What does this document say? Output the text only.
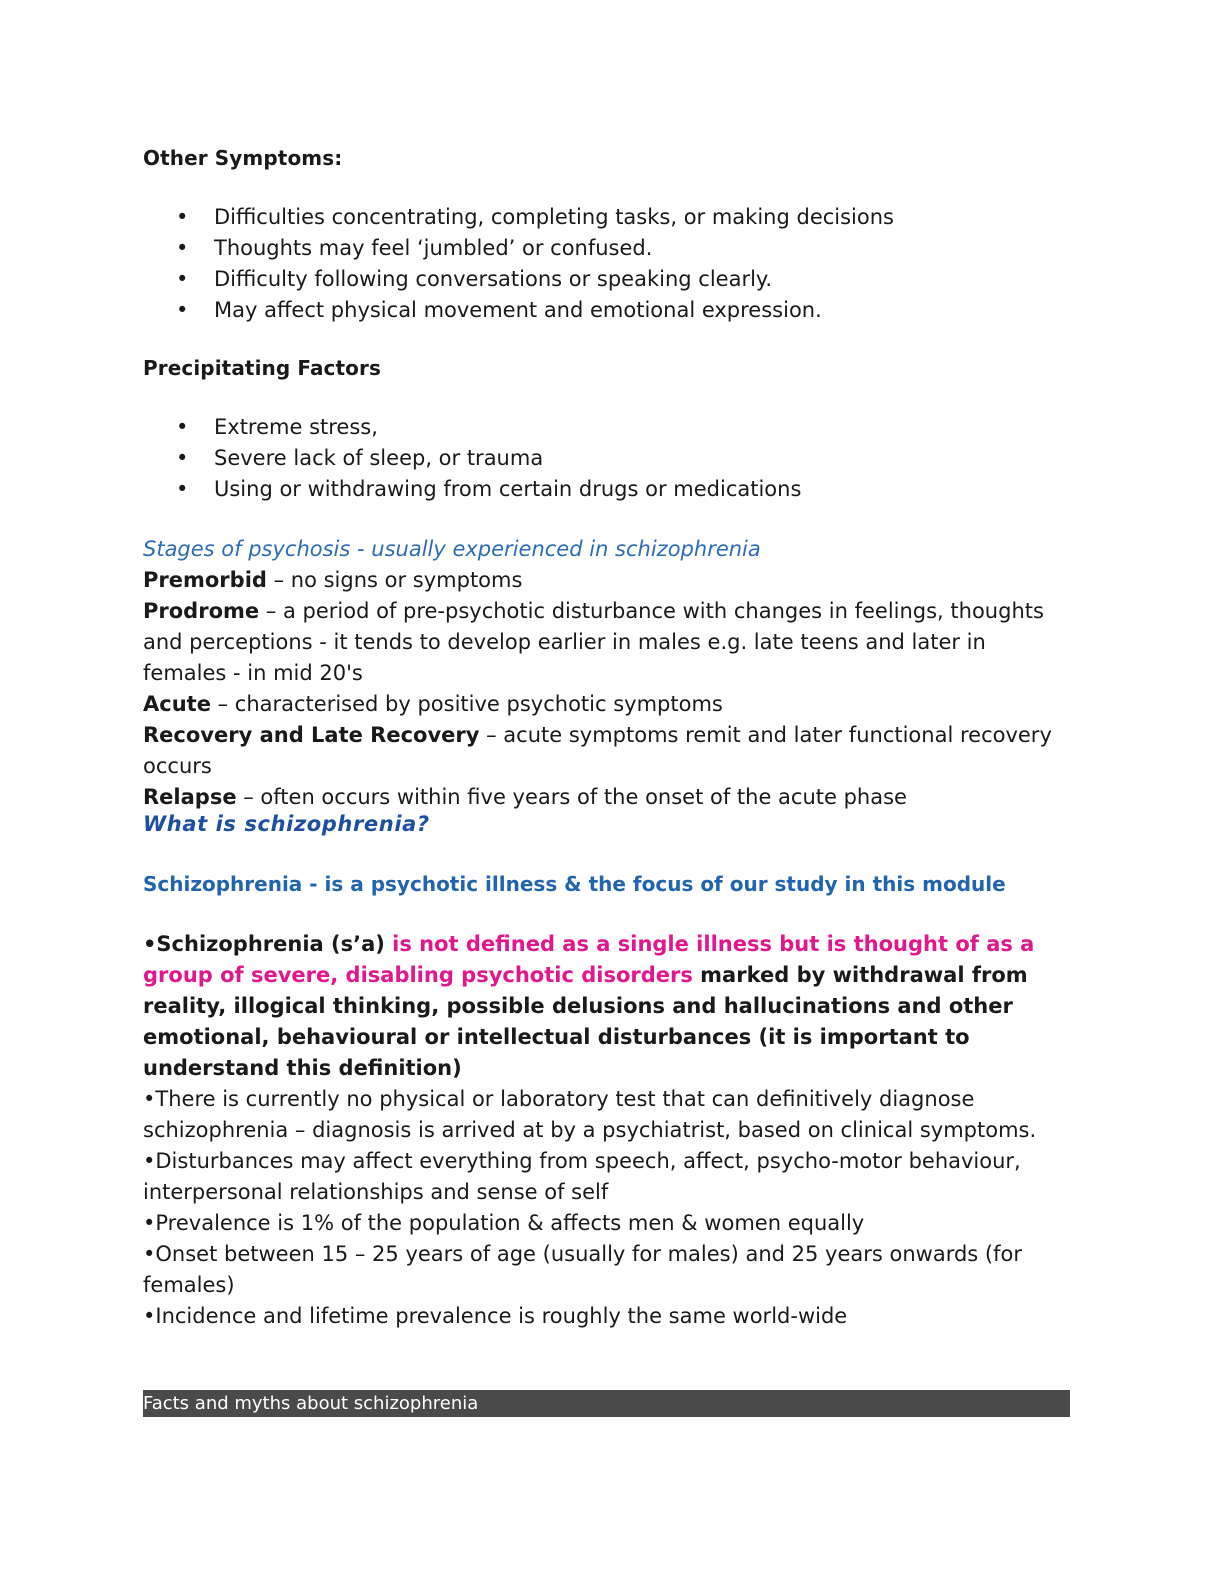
Other Symptoms:
• Difficulties concentrating, completing tasks, or making decisions
• Thoughts may feel ‘jumbled’ or confused.
• Difficulty following conversations or speaking clearly.
• May affect physical movement and emotional expression.
Precipitating Factors
• Extreme stress,
• Severe lack of sleep, or trauma
• Using or withdrawing from certain drugs or medications
Stages of psychosis - usually experienced in schizophrenia

Premorbid – no signs or symptoms

Prodrome – a period of pre-psychotic disturbance with changes in feelings, thoughts and perceptions - it tends to develop earlier in males e.g. late teens and later in females - in mid 20's

Acute – characterised by positive psychotic symptoms

Recovery and Late Recovery – acute symptoms remit and later functional recovery occurs

Relapse – often occurs within five years of the onset of the acute phase

What is schizophrenia?
Schizophrenia - is a psychotic illness & the focus of our study in this module

•Schizophrenia (s’a) is not defined as a single illness but is thought of as a group of severe, disabling psychotic disorders marked by withdrawal from reality, illogical thinking, possible delusions and hallucinations and other emotional, behavioural or intellectual disturbances (it is important to understand this definition)

•There is currently no physical or laboratory test that can definitively diagnose schizophrenia – diagnosis is arrived at by a psychiatrist, based on clinical symptoms.

•Disturbances may affect everything from speech, affect, psycho-motor behaviour, interpersonal relationships and sense of self

•Prevalence is 1% of the population & affects men & women equally

•Onset between 15 – 25 years of age (usually for males) and 25 years onwards (for females)

•Incidence and lifetime prevalence is roughly the same world-wide

Facts and myths about schizophrenia
